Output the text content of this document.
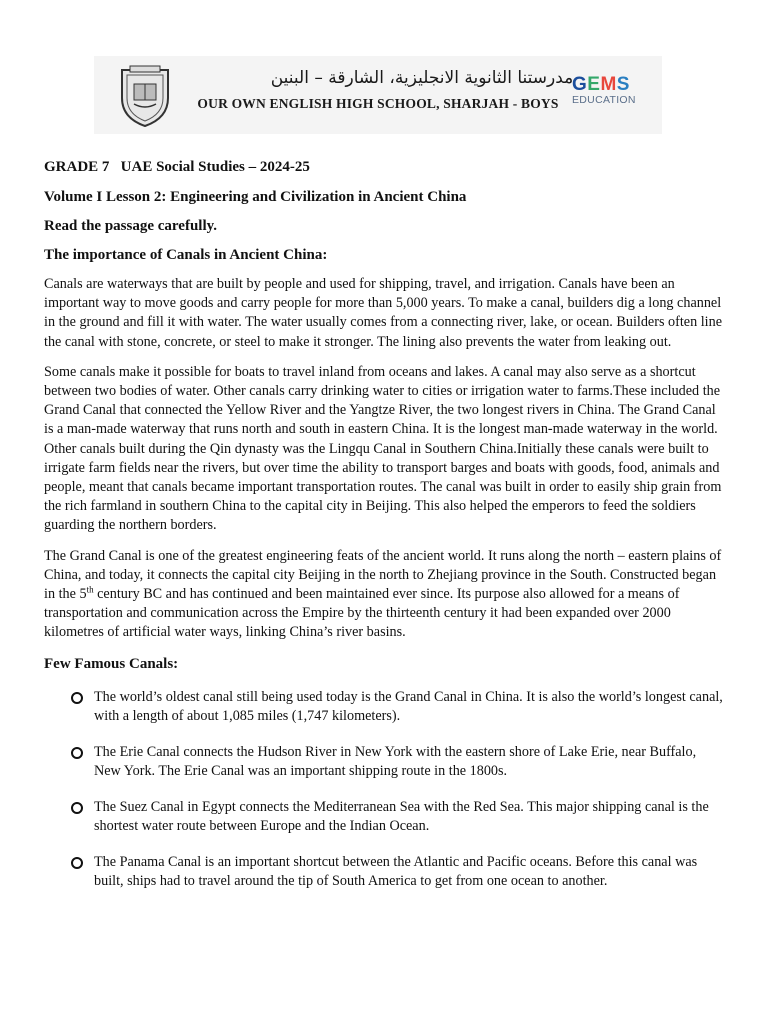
مدرستنا الثانوية الانجليزية، الشارقة – البنين
OUR OWN ENGLISH HIGH SCHOOL, SHARJAH - BOYS
GEMS
EDUCATION
GRADE 7   UAE Social Studies – 2024-25
Volume I Lesson 2: Engineering and Civilization in Ancient China
Read the passage carefully.
The importance of Canals in Ancient China:

Canals are waterways that are built by people and used for shipping, travel, and irrigation. Canals have been an important way to move goods and carry people for more than 5,000 years. To make a canal, builders dig a long channel in the ground and fill it with water. The water usually comes from a connecting river, lake, or ocean. Builders often line the canal with stone, concrete, or steel to make it stronger. The lining also prevents the water from leaking out.

Some canals make it possible for boats to travel inland from oceans and lakes. A canal may also serve as a shortcut between two bodies of water. Other canals carry drinking water to cities or irrigation water to farms.These included the Grand Canal that connected the Yellow River and the Yangtze River, the two longest rivers in China. The Grand Canal is a man-made waterway that runs north and south in eastern China. It is the longest man-made waterway in the world. Other canals built during the Qin dynasty was the Lingqu Canal in Southern China.Initially these canals were built to irrigate farm fields near the rivers, but over time the ability to transport barges and boats with goods, food, animals and people, meant that canals became important transportation routes. The canal was built in order to easily ship grain from the rich farmland in southern China to the capital city in Beijing. This also helped the emperors to feed the soldiers guarding the northern borders.

The Grand Canal is one of the greatest engineering feats of the ancient world. It runs along the north – eastern plains of China, and today, it connects the capital city Beijing in the north to Zhejiang province in the South. Constructed began in the 5th century BC and has continued and been maintained ever since. Its purpose also allowed for a means of transportation and communication across the Empire by the thirteenth century it had been expanded over 2000 kilometres of artificial water ways, linking China’s river basins.

Few Famous Canals:
The world’s oldest canal still being used today is the Grand Canal in China. It is also the world’s longest canal, with a length of about 1,085 miles (1,747 kilometers).
The Erie Canal connects the Hudson River in New York with the eastern shore of Lake Erie, near Buffalo, New York. The Erie Canal was an important shipping route in the 1800s.
The Suez Canal in Egypt connects the Mediterranean Sea with the Red Sea. This major shipping canal is the shortest water route between Europe and the Indian Ocean.
The Panama Canal is an important shortcut between the Atlantic and Pacific oceans. Before this canal was built, ships had to travel around the tip of South America to get from one ocean to another.
